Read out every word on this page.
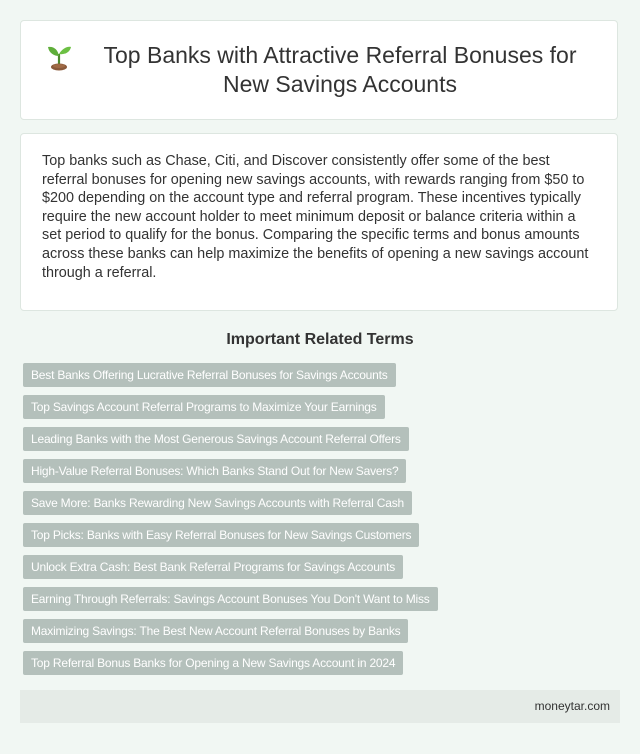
Top Banks with Attractive Referral Bonuses for New Savings Accounts

Top banks such as Chase, Citi, and Discover consistently offer some of the best referral bonuses for opening new savings accounts, with rewards ranging from $50 to $200 depending on the account type and referral program. These incentives typically require the new account holder to meet minimum deposit or balance criteria within a set period to qualify for the bonus. Comparing the specific terms and bonus amounts across these banks can help maximize the benefits of opening a new savings account through a referral.

Important Related Terms
Best Banks Offering Lucrative Referral Bonuses for Savings Accounts
Top Savings Account Referral Programs to Maximize Your Earnings
Leading Banks with the Most Generous Savings Account Referral Offers
High-Value Referral Bonuses: Which Banks Stand Out for New Savers?
Save More: Banks Rewarding New Savings Accounts with Referral Cash
Top Picks: Banks with Easy Referral Bonuses for New Savings Customers
Unlock Extra Cash: Best Bank Referral Programs for Savings Accounts
Earning Through Referrals: Savings Account Bonuses You Don't Want to Miss
Maximizing Savings: The Best New Account Referral Bonuses by Banks
Top Referral Bonus Banks for Opening a New Savings Account in 2024
moneytar.com
